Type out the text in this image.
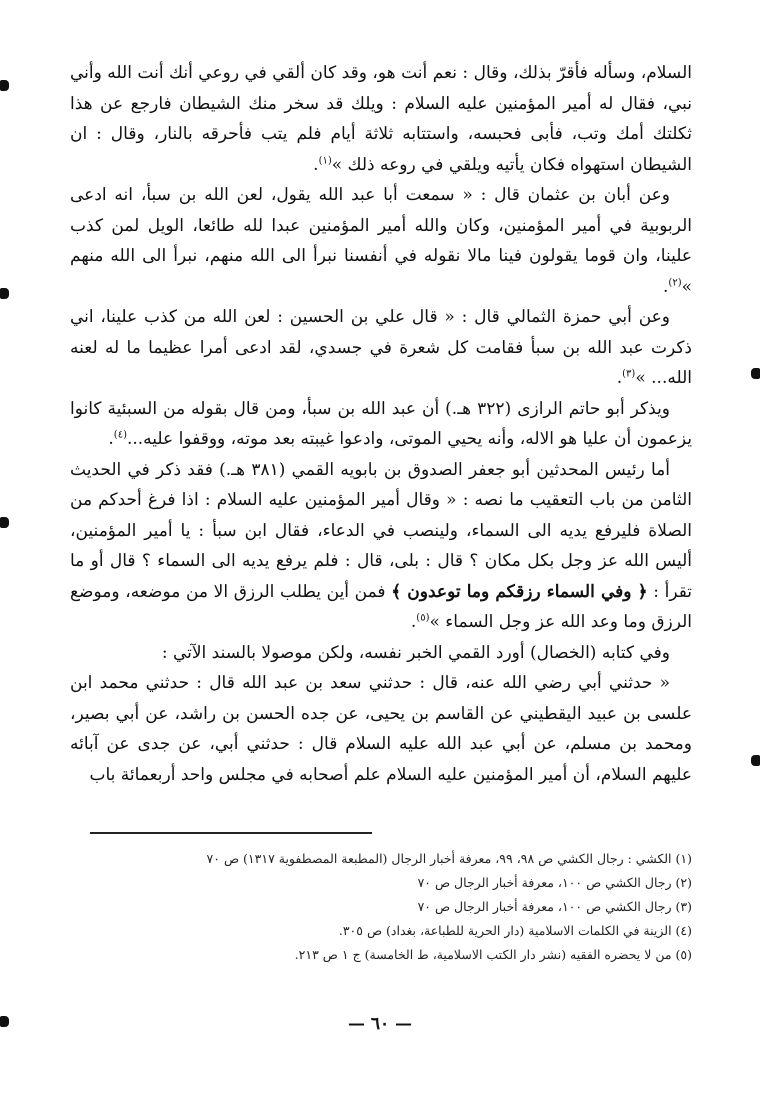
السلام، وسأله فأقرّ بذلك، وقال : نعم أنت هو، وقد كان ألقي في روعي أنك أنت الله وأني نبي، فقال له أمير المؤمنين عليه السلام : ويلك قد سخر منك الشيطان فارجع عن هذا ثكلتك أمك وتب، فأبى فحبسه، واستتابه ثلاثة أيام فلم يتب فأحرقه بالنار، وقال : ان الشيطان استهواه فكان يأتيه ويلقي في روعه ذلك »$^{(١)}$.

وعن أبان بن عثمان قال : « سمعت أبا عبد الله يقول، لعن الله بن سبأ، انه ادعى الربوبية في أمير المؤمنين، وكان والله أمير المؤمنين عبدا لله طائعا، الويل لمن كذب علينا، وان قوما يقولون فينا مالا نقوله في أنفسنا نبرأ الى الله منهم، نبرأ الى الله منهم »$^{(٢)}$.

وعن أبي حمزة الثمالي قال : « قال علي بن الحسين : لعن الله من كذب علينا، اني ذكرت عبد الله بن سبأ فقامت كل شعرة في جسدي، لقد ادعى أمرا عظيما ما له لعنه الله... »$^{(٣)}$.

ويذكر أبو حاتم الرازى (٣٢٢ هـ.) أن عبد الله بن سبأ، ومن قال بقوله من السبئية كانوا يزعمون أن عليا هو الاله، وأنه يحيي الموتى، وادعوا غيبته بعد موته، ووقفوا عليه...$^{(٤)}$.

أما رئيس المحدثين أبو جعفر الصدوق بن بابويه القمي (٣٨١ هـ.) فقد ذكر في الحديث الثامن من باب التعقيب ما نصه : « وقال أمير المؤمنين عليه السلام : اذا فرغ أحدكم من الصلاة فليرفع يديه الى السماء، ولينصب في الدعاء، فقال ابن سبأ : يا أمير المؤمنين، أليس الله عز وجل بكل مكان ؟ قال : بلى، قال : فلم يرفع يديه الى السماء ؟ قال أو ما تقرأ : ﴿ وفي السماء رزقكم وما توعدون ﴾ فمن أين يطلب الرزق الا من موضعه، وموضع الرزق وما وعد الله عز وجل السماء »$^{(٥)}$.

وفي كتابه (الخصال) أورد القمي الخبر نفسه، ولكن موصولا بالسند الآتي :

« حدثني أبي رضي الله عنه، قال : حدثني سعد بن عبد الله قال : حدثني محمد ابن علسى بن عبيد اليقطيني عن القاسم بن يحيى، عن جده الحسن بن راشد، عن أبي بصير، ومحمد بن مسلم، عن أبي عبد الله عليه السلام قال : حدثني أبي، عن جدى عن آبائه عليهم السلام، أن أمير المؤمنين عليه السلام علم أصحابه في مجلس واحد أربعمائة باب

(١) الكشي : رجال الكشي ص ٩٨، ٩٩، معرفة أخبار الرجال (المطبعة المصطفوية ١٣١٧) ص ٧٠
(٢) رجال الكشي ص ١٠٠، معرفة أخبار الرجال ص ٧٠
(٣) رجال الكشي ص ١٠٠، معرفة أخبار الرجال ص ٧٠
(٤) الزينة في الكلمات الاسلامية (دار الحرية للطباعة، بغداد) ص ٣٠٥.
(٥) من لا يحضره الفقيه (نشر دار الكتب الاسلامية، ط الخامسة) ج ١ ص ٢١٣.
— ٦٠ —
